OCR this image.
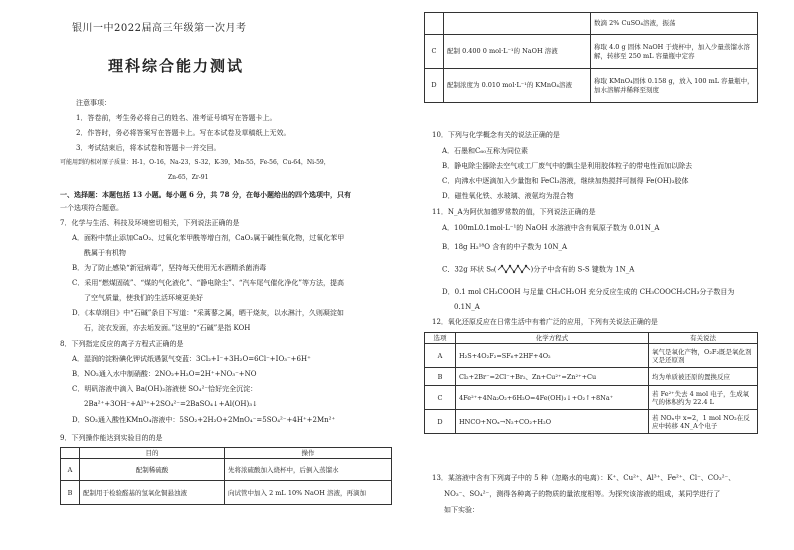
银川一中2022届高三年级第一次月考
理科综合能力测试
注意事项：
1．答卷前，考生务必将自己的姓名、准考证号填写在答题卡上。
2．作答时，务必将答案写在答题卡上。写在本试卷及草稿纸上无效。
3．考试结束后，将本试卷和答题卡一并交回。
可能用到的相对原子质量：H-1，O-16，Na-23，S-32，K-39，Mn-55，Fe-56，Cu-64，Ni-59，
Zn-65，Zr-91
一、选择题：本题包括 13 小题。每小题 6 分，共 78 分，在每小题给出的四个选项中，只有
一个选项符合题意。
7．化学与生活、科技及环境密切相关，下列说法正确的是
A．面粉中禁止添加CaO₂、过氧化苯甲酰等增白剂，CaO₂属于碱性氧化物，过氧化苯甲
酰属于有机物
B．为了防止感染“新冠病毒”，坚持每天使用无水酒精杀菌消毒
C．采用“燃煤固硫”、“煤的气化液化”、“静电除尘”、“汽车尾气催化净化”等方法，提高
了空气质量，使我们的生活环境更美好
D．《本草纲目》中“石碱”条目下写道：“采蒿蓼之属，晒干烧灰，以水淋汁，久则凝淀如
石，浣衣发面，亦去垢发面。”这里的“石碱”是指 KOH
8．下列指定反应的离子方程式正确的是
A．湿润的淀粉碘化钾试纸遇氯气变蓝：3Cl₂+I⁻+3H₂O=6Cl⁻+IO₃⁻+6H⁺
B．NO₂通入水中制硝酸：2NO₂+H₂O=2H⁺+NO₃⁻+NO
C．明矾溶液中滴入 Ba(OH)₂溶液使 SO₄²⁻恰好完全沉淀：
2Ba²⁺+3OH⁻+Al³⁺+2SO₄²⁻=2BaSO₄↓+Al(OH)₃↓
D．SO₂通入酸性KMnO₄溶液中：5SO₂+2H₂O+2MnO₄⁻=5SO₄²⁻+4H⁺+2Mn²⁺
9．下列操作能达到实验目的的是
	目的	操作
A	配制稀硫酸	先将浓硫酸加入烧杯中，后倒入蒸馏水
B	配制用于检验醛基的氢氧化铜悬浊液	向试管中加入 2 mL 10% NaOH 溶液，再滴加
		数滴 2% CuSO₄溶液，振荡
C	配制 0.400 0 mol·L⁻¹的 NaOH 溶液	称取 4.0 g 固体 NaOH 于烧杯中，加入少量蒸馏水溶解，转移至 250 mL 容量瓶中定容
D	配制浓度为 0.010 mol·L⁻¹的 KMnO₄溶液	称取 KMnO₄固体 0.158 g，放入 100 mL 容量瓶中，加水溶解并稀释至刻度
10．下列与化学概念有关的说法正确的是
A．石墨和C₆₀互称为同位素
B．静电除尘器除去空气或工厂废气中的飘尘是利用胶体粒子的带电性而加以除去
C．向沸水中逐滴加入少量饱和 FeCl₃溶液，继续加热搅拌可制得 Fe(OH)₃胶体
D．磁性氧化铁、水玻璃、液氨均为混合物
11．N_A为阿伏加德罗常数的值，下列说法正确的是
A．100mL0.1mol·L⁻¹的 NaOH 水溶液中含有氧原子数为 0.01N_A
B．18g H₂¹⁸O 含有的中子数为 10N_A
C．32g 环状 S₈(	)分子中含有的 S-S 键数为 1N_A
D．0.1 mol CH₃COOH 与足量 CH₃CH₂OH 充分反应生成的 CH₃COOCH₂CH₃分子数目为
0.1N_A
12．氧化还原反应在日常生活中有着广泛的应用，下列有关说法正确的是
选项	化学方程式	有关说法
A	H₂S+4O₂F₂=SF₆+2HF+4O₂	氧气是氧化产物，O₂F₂既是氧化剂又是还原剂
B	Cl₂+2Br⁻=2Cl⁻+Br₂、Zn+Cu²⁺=Zn²⁺+Cu	均为单质被还原的置换反应
C	4Fe²⁺+4Na₂O₂+6H₂O=4Fe(OH)₃↓+O₂↑+8Na⁺	若 Fe²⁺失去 4 mol 电子，生成氧气的体积约为 22.4 L
D	HNCO+NOₓ→N₂+CO₂+H₂O	若 NOₓ中 x=2，1 mol NO₂在反应中转移 4N_A个电子
13．某溶液中含有下列离子中的 5 种（忽略水的电离）：K⁺、Cu²⁺、Al³⁺、Fe²⁺、Cl⁻、CO₃²⁻、
NO₃⁻、SO₄²⁻，测得各种离子的物质的量浓度相等。为探究该溶液的组成，某同学进行了
如下实验：
